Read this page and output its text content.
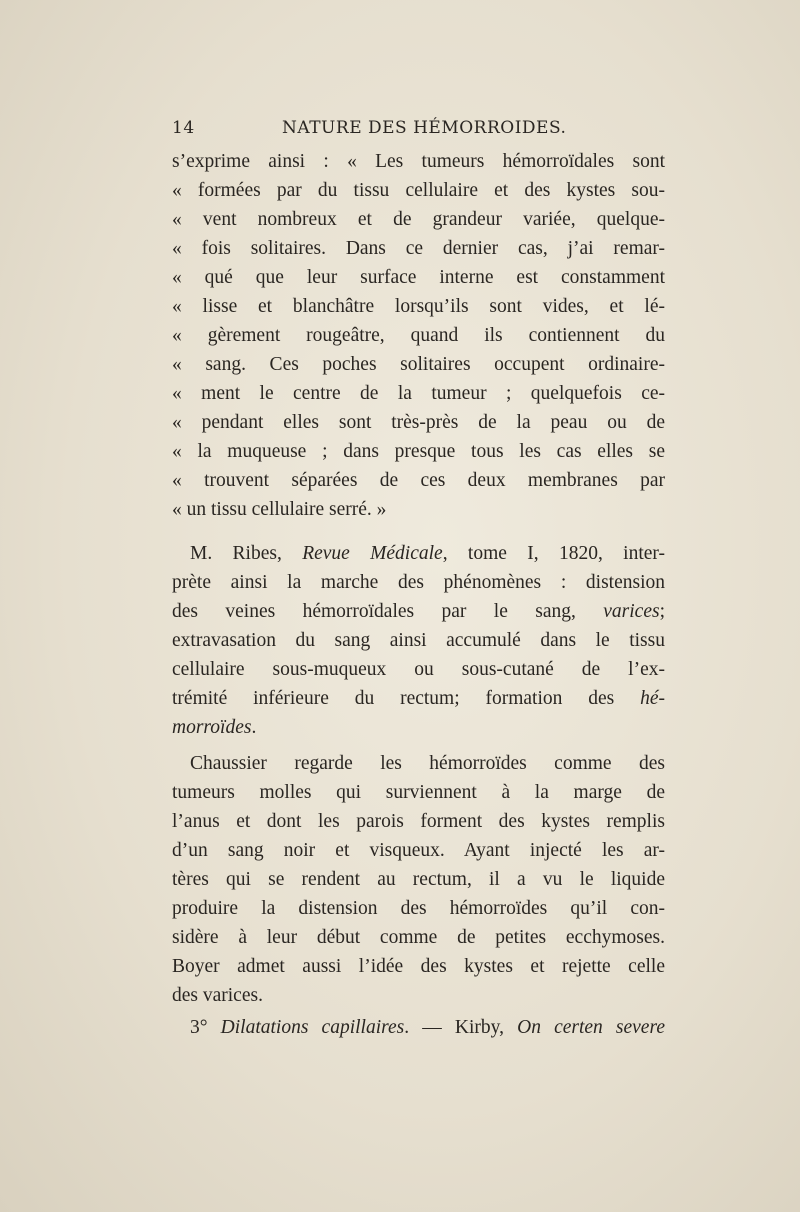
14	NATURE DES HÉMORROIDES.
s’exprime ainsi : « Les tumeurs hémorroïdales sont
« formées par du tissu cellulaire et des kystes sou-
« vent nombreux et de grandeur variée, quelque-
« fois solitaires. Dans ce dernier cas, j’ai remar-
« qué que leur surface interne est constamment
« lisse et blanchâtre lorsqu’ils sont vides, et lé-
« gèrement rougeâtre, quand ils contiennent du
« sang. Ces poches solitaires occupent ordinaire-
« ment le centre de la tumeur ; quelquefois ce-
« pendant elles sont très-près de la peau ou de
« la muqueuse ; dans presque tous les cas elles se
« trouvent séparées de ces deux membranes par
« un tissu cellulaire serré. »
M. Ribes, Revue Médicale, tome I, 1820, inter-
prète ainsi la marche des phénomènes : distension
des veines hémorroïdales par le sang, varices;
extravasation du sang ainsi accumulé dans le tissu
cellulaire sous-muqueux ou sous-cutané de l’ex-
trémité inférieure du rectum; formation des hé-
morroïdes.
Chaussier regarde les hémorroïdes comme des
tumeurs molles qui surviennent à la marge de
l’anus et dont les parois forment des kystes remplis
d’un sang noir et visqueux. Ayant injecté les ar-
tères qui se rendent au rectum, il a vu le liquide
produire la distension des hémorroïdes qu’il con-
sidère à leur début comme de petites ecchymoses.
Boyer admet aussi l’idée des kystes et rejette celle
des varices.
3° Dilatations capillaires. — Kirby, On certen severe
